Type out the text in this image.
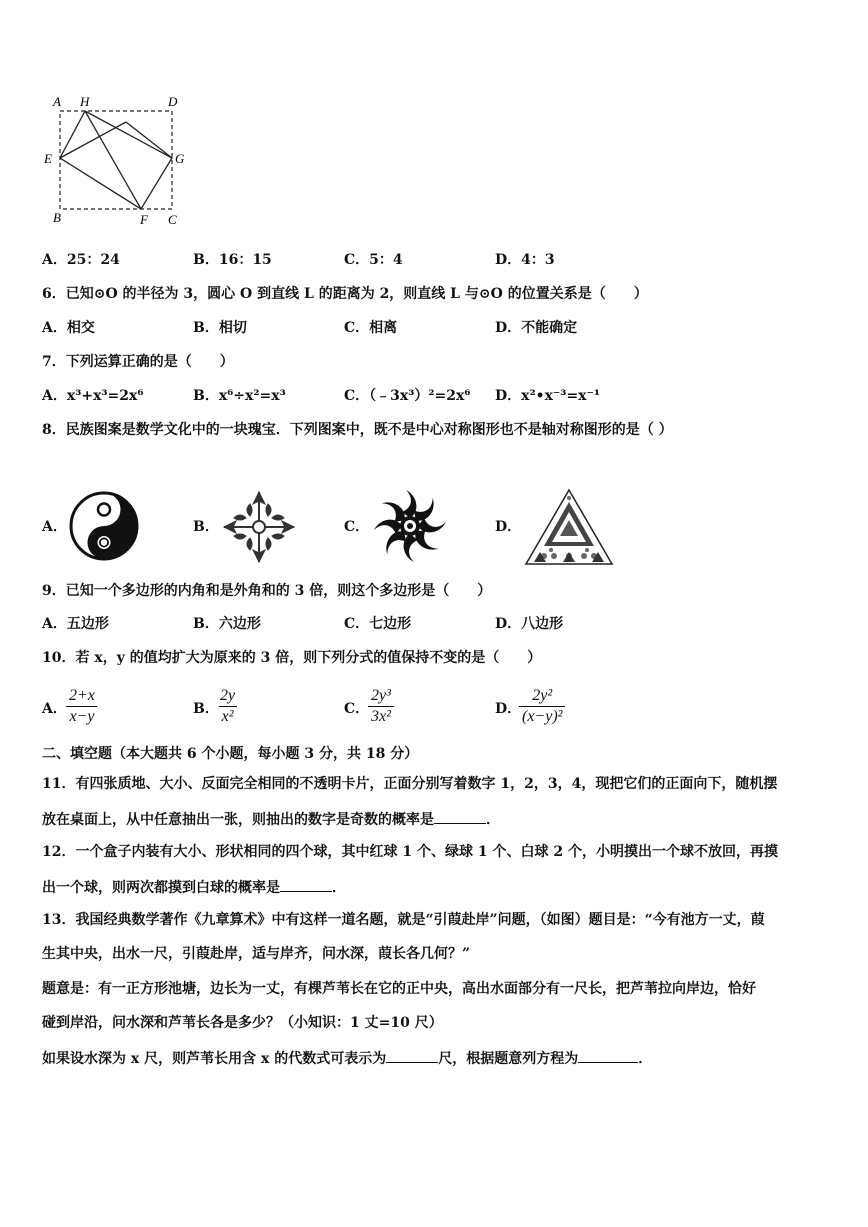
A H	D
E	G
B	F C
A．25：24	B．16：15	C．5：4	D．4：3
6．已知⊙O 的半径为 3，圆心 O 到直线 L 的距离为 2，则直线 L 与⊙O 的位置关系是（　　）
A．相交	B．相切	C．相离	D．不能确定
7．下列运算正确的是（　　）
A．x³+x³=2x⁶	B．x⁶÷x²=x³	C．（﹣3x³）²=2x⁶ D．x²•x⁻³=x⁻¹
8．民族图案是数学文化中的一块瑰宝．下列图案中，既不是中心对称图形也不是轴对称图形的是（ ）
A．	B．	C．	D．
9．已知一个多边形的内角和是外角和的 3 倍，则这个多边形是（　　）
A．五边形	B．六边形	C．七边形	D．八边形
10．若 x，y 的值均扩大为原来的 3 倍，则下列分式的值保持不变的是（　　）
A． $\frac{2+x}{x-y}$	B．
$\frac{2y}{\text{x²}}$	C．
$\frac{\text{2y³}}{\text{3x²}}$	D．
$\frac{\text{2y²}}{\text{(x−y)²}}$
二、填空题（本大题共 6 个小题，每小题 3 分，共 18 分）
11．有四张质地、大小、反面完全相同的不透明卡片，正面分别写着数字 1，2，3，4，现把它们的正面向下，随机摆
放在桌面上，从中任意抽出一张，则抽出的数字是奇数的概率是	．
12．一个盒子内装有大小、形状相同的四个球，其中红球 1 个、绿球 1 个、白球 2 个，小明摸出一个球不放回，再摸
出一个球，则两次都摸到白球的概率是	．
13．我国经典数学著作《九章算术》中有这样一道名题，就是“引葭赴岸”问题，（如图）题目是：“今有池方一丈，葭
生其中央，出水一尺，引葭赴岸，适与岸齐，问水深，葭长各几何？”
题意是：有一正方形池塘，边长为一丈，有棵芦苇长在它的正中央，高出水面部分有一尺长，把芦苇拉向岸边，恰好
碰到岸沿，问水深和芦苇长各是多少？（小知识：1 丈=10 尺）
如果设水深为 x 尺，则芦苇长用含 x 的代数式可表示为	尺，根据题意列方程为	．
